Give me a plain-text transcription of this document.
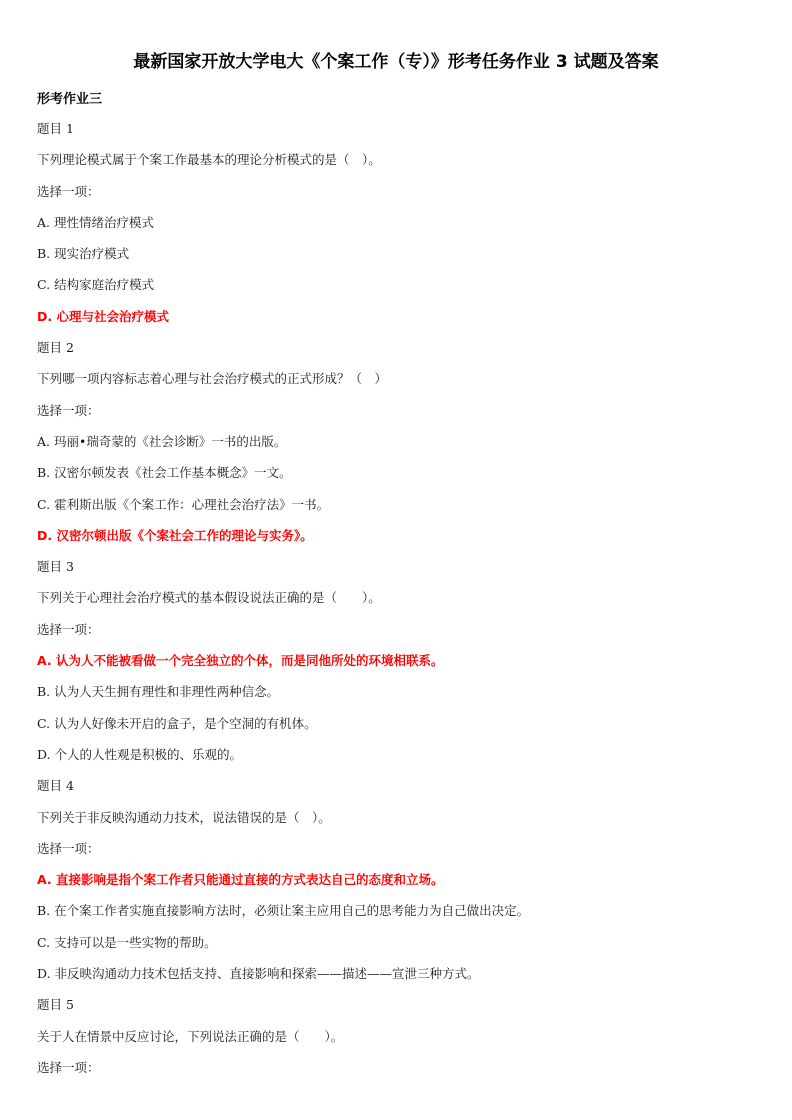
最新国家开放大学电大《个案工作（专）》形考任务作业 3 试题及答案
形考作业三
题目 1
下列理论模式属于个案工作最基本的理论分析模式的是（　）。
选择一项：
A. 理性情绪治疗模式
B. 现实治疗模式
C. 结构家庭治疗模式
D. 心理与社会治疗模式
题目 2
下列哪一项内容标志着心理与社会治疗模式的正式形成？（　）
选择一项：
A. 玛丽•瑞奇蒙的《社会诊断》一书的出版。
B. 汉密尔顿发表《社会工作基本概念》一文。
C. 霍利斯出版《个案工作：心理社会治疗法》一书。
D. 汉密尔顿出版《个案社会工作的理论与实务》。
题目 3
下列关于心理社会治疗模式的基本假设说法正确的是（　　）。
选择一项：
A. 认为人不能被看做一个完全独立的个体，而是同他所处的环境相联系。
B. 认为人天生拥有理性和非理性两种信念。
C. 认为人好像未开启的盒子，是个空洞的有机体。
D. 个人的人性观是积极的、乐观的。
题目 4
下列关于非反映沟通动力技术，说法错误的是（　）。
选择一项：
A. 直接影响是指个案工作者只能通过直接的方式表达自己的态度和立场。
B. 在个案工作者实施直接影响方法时，必须让案主应用自己的思考能力为自己做出决定。
C. 支持可以是一些实物的帮助。
D. 非反映沟通动力技术包括支持、直接影响和探索——描述——宣泄三种方式。
题目 5
关于人在情景中反应讨论，下列说法正确的是（　　）。
选择一项：
